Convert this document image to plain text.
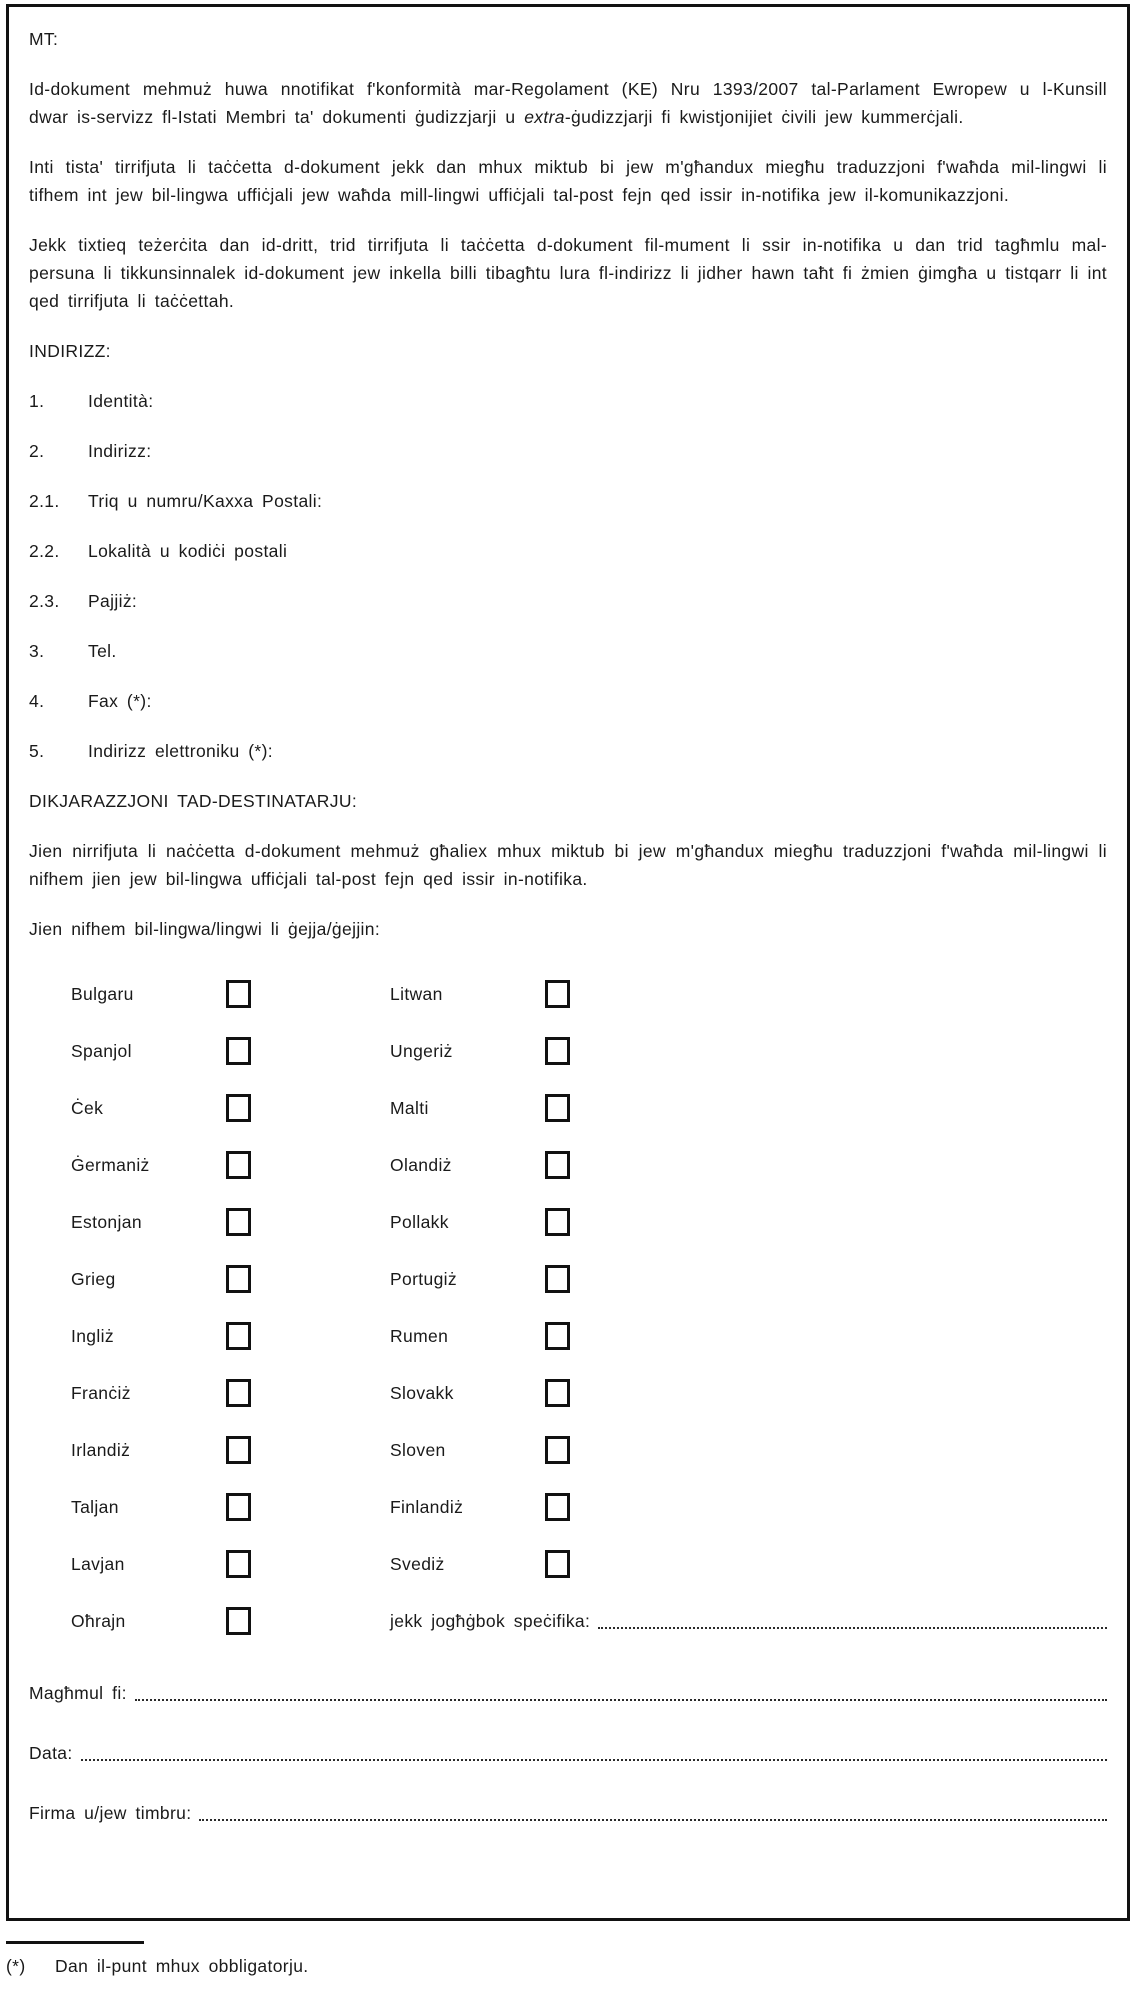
MT:

Id-dokument mehmuż huwa nnotifikat f'konformità mar-Regolament (KE) Nru 1393/2007 tal-Parlament Ewropew u l-Kunsill dwar is-servizz fl-Istati Membri ta' dokumenti ġudizzjarji u extra-ġudizzjarji fi kwistjonijiet ċivili jew kummerċjali.

Inti tista' tirrifjuta li taċċetta d-dokument jekk dan mhux miktub bi jew m'għandux miegħu traduzzjoni f'waħda mil-lingwi li tifhem int jew bil-lingwa uffiċjali jew waħda mill-lingwi uffiċjali tal-post fejn qed issir in-notifika jew il-komunikazzjoni.

Jekk tixtieq teżerċita dan id-dritt, trid tirrifjuta li taċċetta d-dokument fil-mument li ssir in-notifika u dan trid tagħmlu mal-persuna li tikkunsinnalek id-dokument jew inkella billi tibagħtu lura fl-indirizz li jidher hawn taħt fi żmien ġimgħa u tistqarr li int qed tirrifjuta li taċċettah.

INDIRIZZ:

1.	Identità:
2.	Indirizz:
2.1.	Triq u numru/Kaxxa Postali:
2.2.	Lokalità u kodiċi postali
2.3.	Pajjiż:
3.	Tel.
4.	Fax (*):
5.	Indirizz elettroniku (*):

DIKJARAZZJONI TAD-DESTINATARJU:

Jien nirrifjuta li naċċetta d-dokument mehmuż għaliex mhux miktub bi jew m'għandux miegħu traduzzjoni f'waħda mil-lingwi li nifhem jien jew bil-lingwa uffiċjali tal-post fejn qed issir in-notifika.

Jien nifhem bil-lingwa/lingwi li ġejja/ġejjin:

Bulgaru	Litwan
Spanjol	Ungeriż
Ċek	Malti
Ġermaniż	Olandiż
Estonjan	Pollakk
Grieg	Portugiż
Ingliż	Rumen
Franċiż	Slovakk
Irlandiż	Sloven
Taljan	Finlandiż
Lavjan	Svediż
Oħrajn	jekk jogħġbok speċifika:
Magħmul fi:
Data:
Firma u/jew timbru:
(*)	Dan il-punt mhux obbligatorju.
